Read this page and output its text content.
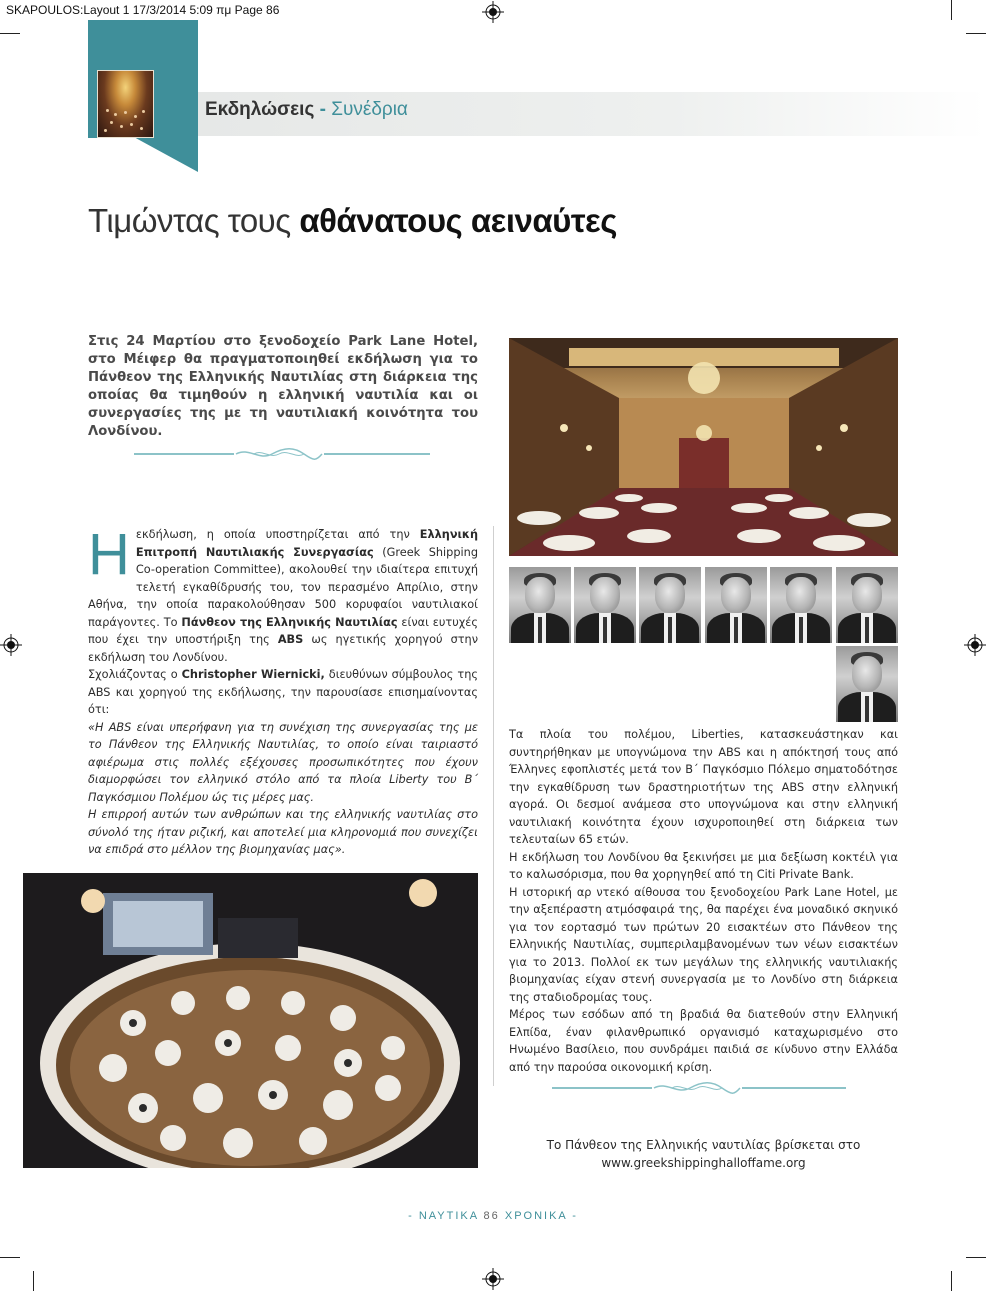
SKAPOULOS:Layout 1 17/3/2014 5:09 πμ Page 86
Εκδηλώσεις - Συνέδρια
Τιμώντας τους αθάνατους αειναύτες
Στις 24 Μαρτίου στο ξενοδοχείο Park Lane Hotel, στο Μέιφερ θα πραγματοποιηθεί εκδήλωση για το Πάνθεον της Ελληνικής Ναυτιλίας στη διάρκεια της οποίας θα τιμηθούν η ελληνική ναυτιλία και οι συνεργασίες της με τη ναυτιλιακή κοινότητα του Λονδίνου.

Ηεκδήλωση, η οποία υποστηρίζεται από την Ελληνική Επιτροπή Ναυτιλιακής Συνεργασίας (Greek Shipping Co-operation Committee), ακολουθεί την ιδιαίτερα επιτυχή τελετή εγκαθίδρυσής του, τον περασμένο Απρίλιο, στην Αθήνα, την οποία παρακολούθησαν 500 κορυφαίοι ναυτιλιακοί παράγοντες. Το Πάνθεον της Ελληνικής Ναυτιλίας είναι ευτυχές που έχει την υποστήριξη της ABS ως ηγετικής χορηγού στην εκδήλωση του Λονδίνου.

Σχολιάζοντας ο Christopher Wiernicki, διευθύνων σύμβουλος της ABS και χορηγού της εκδήλωσης, την παρουσίασε επισημαίνοντας ότι:

«Η ABS είναι υπερήφανη για τη συνέχιση της συνεργασίας της με το Πάνθεον της Ελληνικής Ναυτιλίας, το οποίο είναι ταιριαστό αφιέρωμα στις πολλές εξέχουσες προσωπικότητες που έχουν διαμορφώσει τον ελληνικό στόλο από τα πλοία Liberty του Β΄ Παγκόσμιου Πολέμου ώς τις μέρες μας.

Η επιρροή αυτών των ανθρώπων και της ελληνικής ναυτιλίας στο σύνολό της ήταν ριζική, και αποτελεί μια κληρονομιά που συνεχίζει να επιδρά στο μέλλον της βιομηχανίας μας».

Τα πλοία του πολέμου, Liberties, κατασκευάστηκαν και συντηρήθηκαν με υπογνώμονα την ABS και η απόκτησή τους από Έλληνες εφοπλιστές μετά τον Β΄ Παγκόσμιο Πόλεμο σηματοδότησε την εγκαθίδρυση των δραστηριοτήτων της ABS στην ελληνική αγορά. Οι δεσμοί ανάμεσα στο υπογνώμονα και στην ελληνική ναυτιλιακή κοινότητα έχουν ισχυροποιηθεί στη διάρκεια των τελευταίων 65 ετών.

Η εκδήλωση του Λονδίνου θα ξεκινήσει με μια δεξίωση κοκτέιλ για το καλωσόρισμα, που θα χορηγηθεί από τη Citi Private Bank.

Η ιστορική αρ ντεκό αίθουσα του ξενοδοχείου Park Lane Hotel, με την αξεπέραστη ατμόσφαιρά της, θα παρέχει ένα μοναδικό σκηνικό για τον εορτασμό των πρώτων 20 εισακτέων στο Πάνθεον της Ελληνικής Ναυτιλίας, συμπεριλαμβανομένων των νέων εισακτέων για το 2013. Πολλοί εκ των μεγάλων της ελληνικής ναυτιλιακής βιομηχανίας είχαν στενή συνεργασία με το Λονδίνο στη διάρκεια της σταδιοδρομίας τους.

Μέρος των εσόδων από τη βραδιά θα διατεθούν στην Ελληνική Ελπίδα, έναν φιλανθρωπικό οργανισμό καταχωρισμένο στο Ηνωμένο Βασίλειο, που συνδράμει παιδιά σε κίνδυνο στην Ελλάδα από την παρούσα οικονομική κρίση.

Το Πάνθεον της Ελληνικής ναυτιλίας βρίσκεται στο
www.greekshippinghalloffame.org
- ΝΑΥΤΙΚΑ 86 ΧΡΟΝΙΚΑ -
